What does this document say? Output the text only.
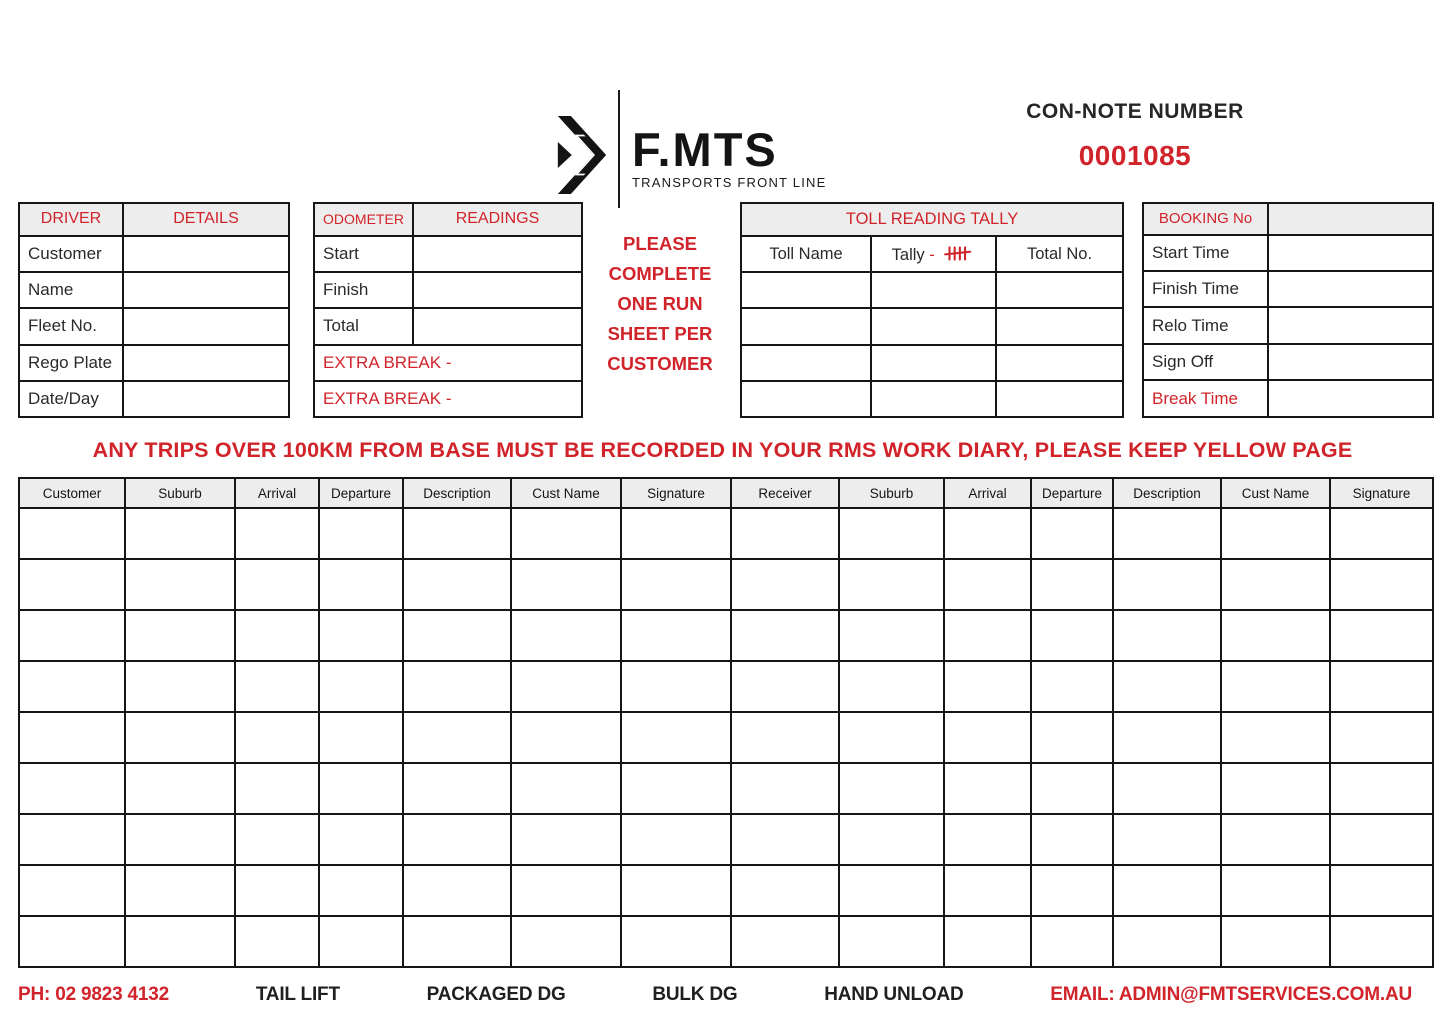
F.MTS
TRANSPORTS FRONT LINE
CON-NOTE NUMBER
0001085
DRIVER	DETAILS
Customer	
Name	
Fleet No.	
Rego Plate	
Date/Day	
ODOMETER	READINGS
Start	
Finish	
Total	
EXTRA BREAK -	
EXTRA BREAK -	
PLEASE
COMPLETE
ONE RUN
SHEET PER
CUSTOMER
TOLL READING TALLY		
Toll Name	Tally -	Total No.

BOOKING No	
Start Time	
Finish Time	
Relo Time	
Sign Off	
Break Time	
ANY TRIPS OVER 100KM FROM BASE MUST BE RECORDED IN YOUR RMS WORK DIARY, PLEASE KEEP YELLOW PAGE
Customer	Suburb	Arrival	Departure	Description	Cust Name	Signature	Receiver	Suburb	Arrival	Departure	Description	Cust Name	Signature

PH: 02 9823 4132	TAIL LIFT	PACKAGED DG	BULK DG	HAND UNLOAD	EMAIL: ADMIN@FMTSERVICES.COM.AU
